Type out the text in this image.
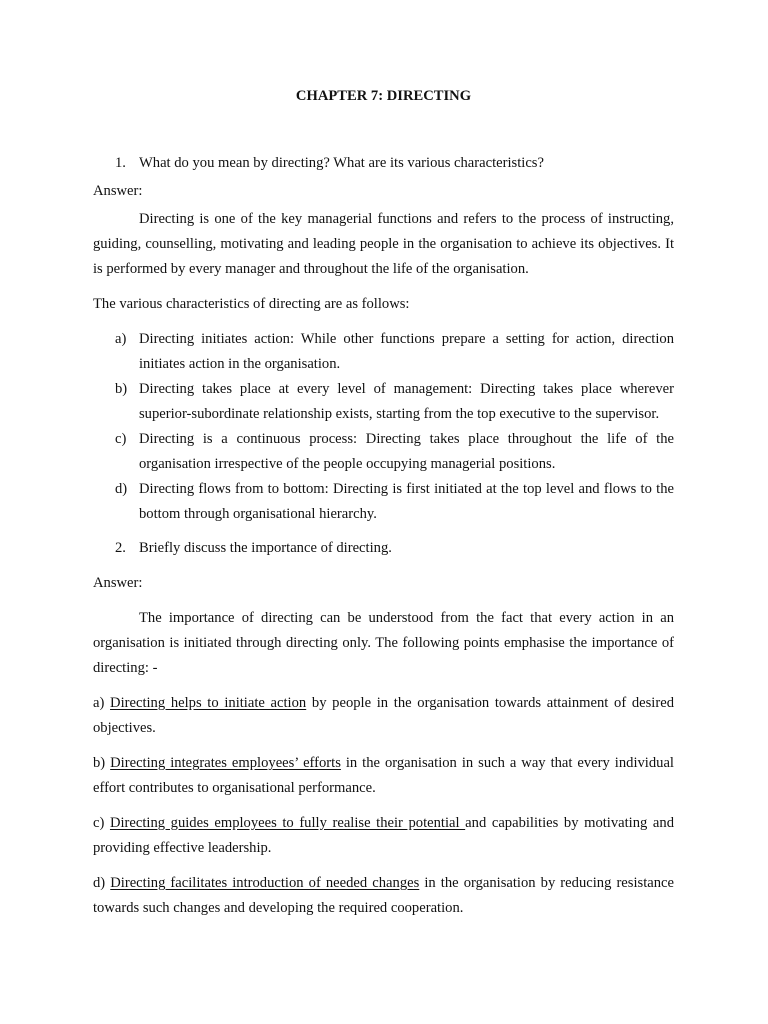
CHAPTER 7: DIRECTING

1. What do you mean by directing? What are its various characteristics?

Answer:

Directing is one of the key managerial functions and refers to the process of instructing, guiding, counselling, motivating and leading people in the organisation to achieve its objectives. It is performed by every manager and throughout the life of the organisation.

The various characteristics of directing are as follows:

a) Directing initiates action: While other functions prepare a setting for action, direction initiates action in the organisation.

b) Directing takes place at every level of management: Directing takes place wherever superior-subordinate relationship exists, starting from the top executive to the supervisor.

c) Directing is a continuous process: Directing takes place throughout the life of the organisation irrespective of the people occupying managerial positions.

d) Directing flows from to bottom: Directing is first initiated at the top level and flows to the bottom through organisational hierarchy.

2. Briefly discuss the importance of directing.

Answer:

The importance of directing can be understood from the fact that every action in an organisation is initiated through directing only. The following points emphasise the importance of directing: -

a) Directing helps to initiate action by people in the organisation towards attainment of desired objectives.

b) Directing integrates employees’ efforts in the organisation in such a way that every individual effort contributes to organisational performance.

c) Directing guides employees to fully realise their potential and capabilities by motivating and providing effective leadership.

d) Directing facilitates introduction of needed changes in the organisation by reducing resistance towards such changes and developing the required cooperation.
